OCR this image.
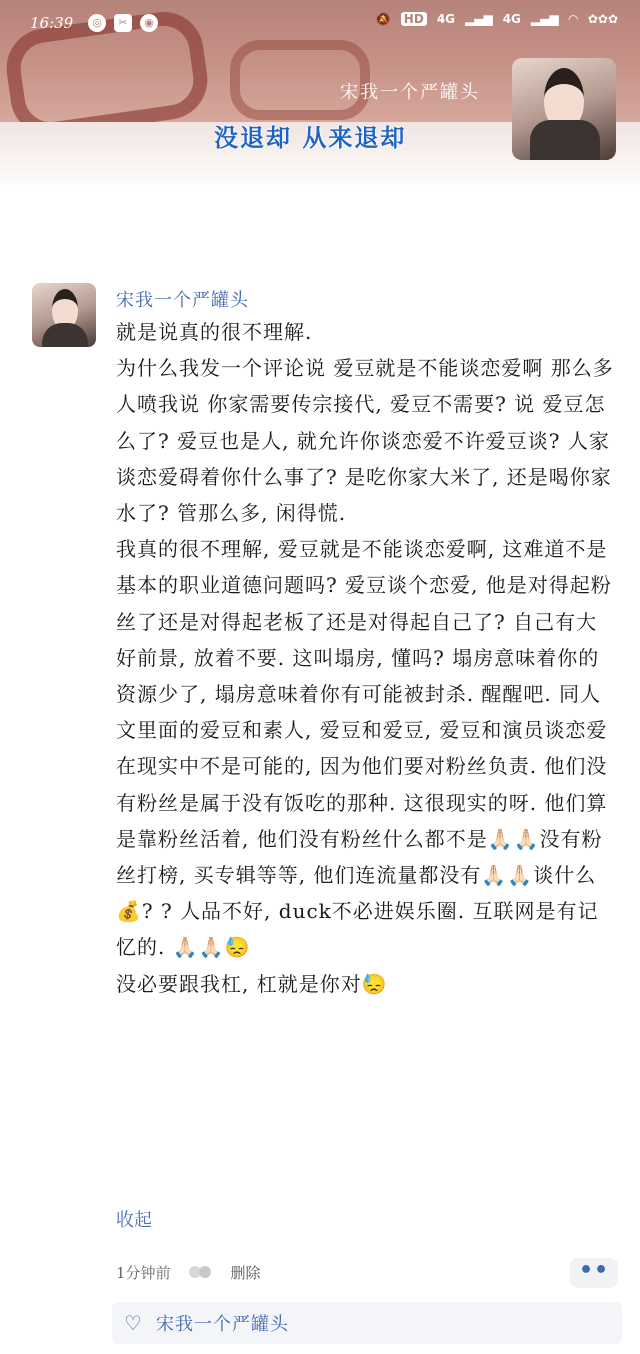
16:39	◎	✂	◉	🔕 HD 4G ▂▄▆ 4G ▂▄▆ ◠ ✿✿✿
宋我一个严罐头
没退却 从来退却
宋我一个严罐头

就是说真的很不理解.

为什么我发一个评论说 爱豆就是不能谈恋爱啊 那么多人喷我说 你家需要传宗接代, 爱豆不需要? 说 爱豆怎么了? 爱豆也是人, 就允许你谈恋爱不许爱豆谈? 人家谈恋爱碍着你什么事了? 是吃你家大米了, 还是喝你家水了? 管那么多, 闲得慌.

我真的很不理解, 爱豆就是不能谈恋爱啊, 这难道不是基本的职业道德问题吗? 爱豆谈个恋爱, 他是对得起粉丝了还是对得起老板了还是对得起自己了? 自己有大好前景, 放着不要. 这叫塌房, 懂吗? 塌房意味着你的资源少了, 塌房意味着你有可能被封杀. 醒醒吧. 同人文里面的爱豆和素人, 爱豆和爱豆, 爱豆和演员谈恋爱在现实中不是可能的, 因为他们要对粉丝负责. 他们没有粉丝是属于没有饭吃的那种. 这很现实的呀. 他们算是靠粉丝活着, 他们没有粉丝什么都不是🙏🏻🙏🏻没有粉丝打榜, 买专辑等等, 他们连流量都没有🙏🏻🙏🏻谈什么💰? ? 人品不好, duck不必进娱乐圈. 互联网是有记忆的. 🙏🏻🙏🏻😓

没必要跟我杠, 杠就是你对😓

收起
1分钟前	删除	••
♡ 宋我一个严罐头
